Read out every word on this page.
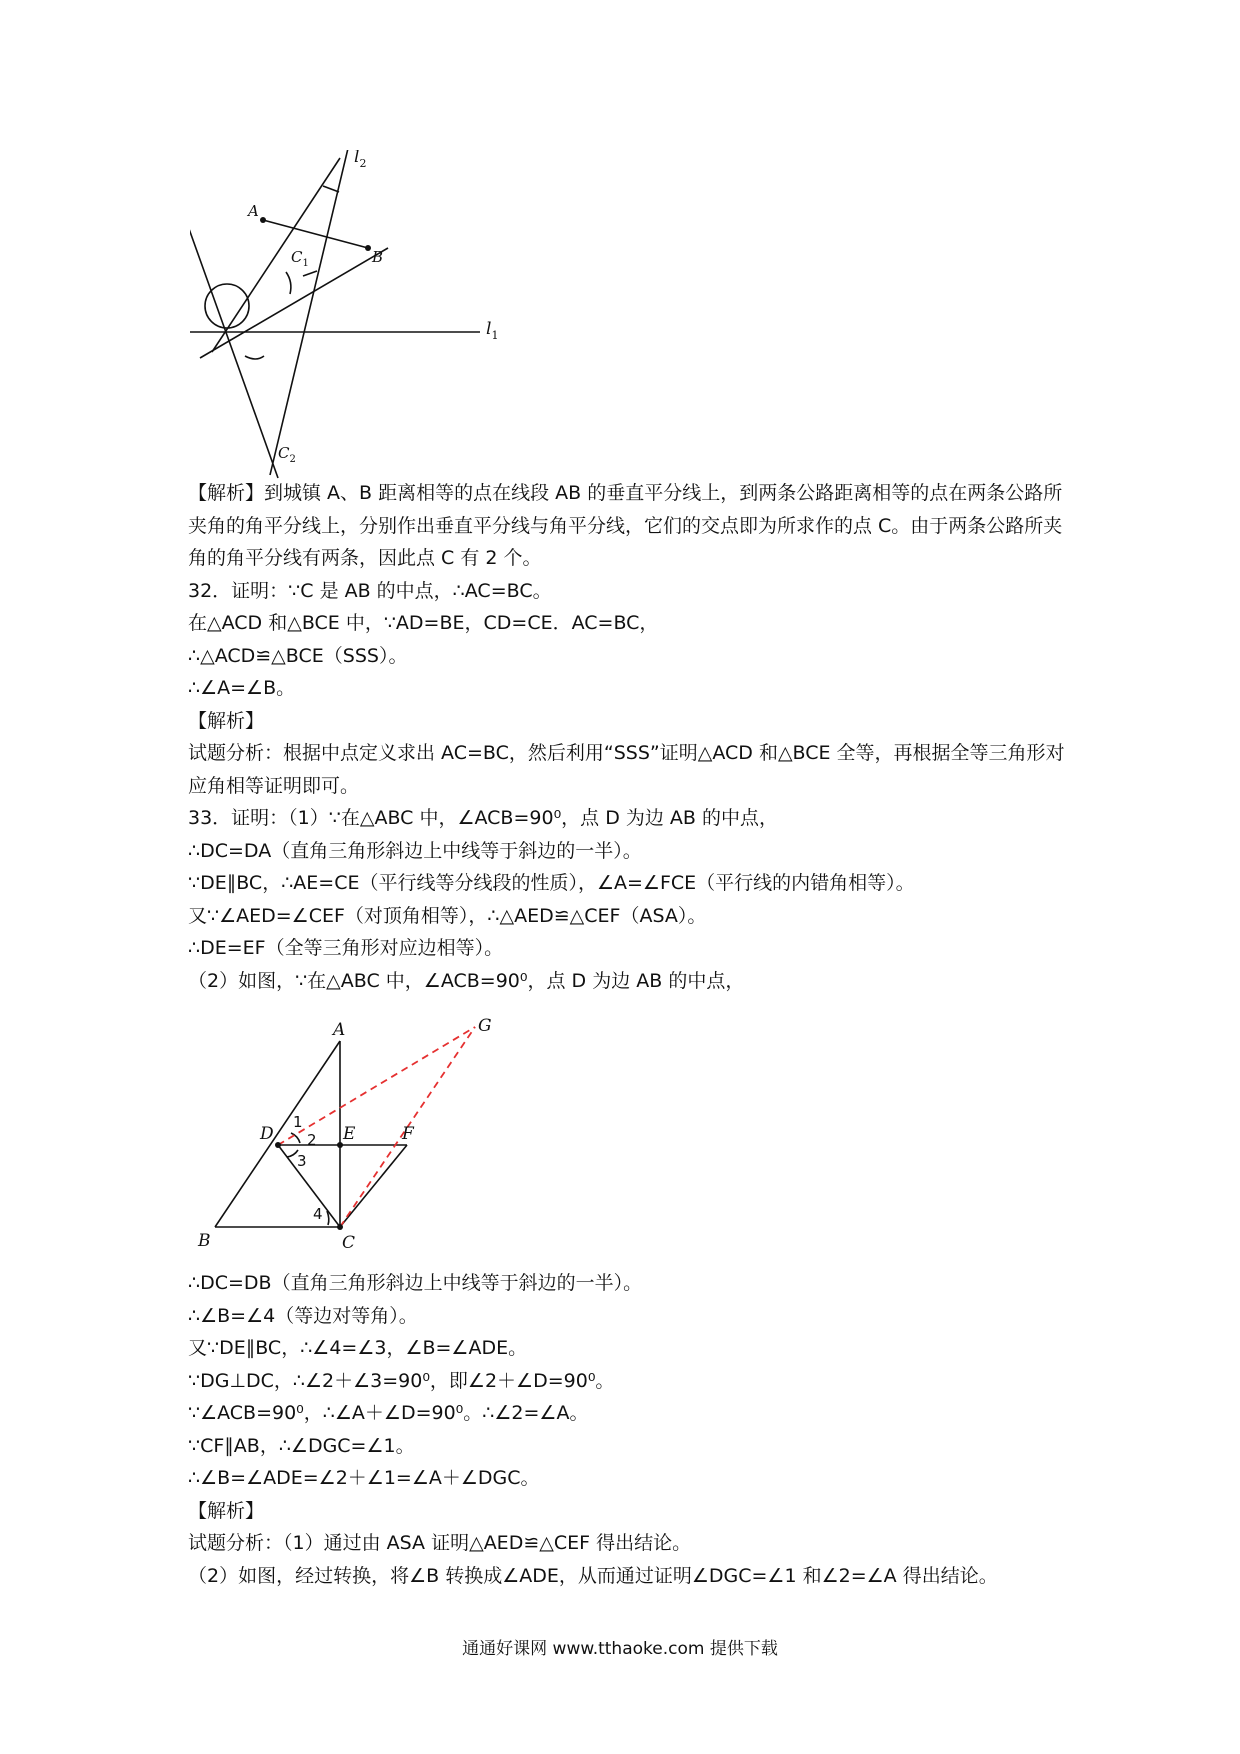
$l_2$
A
B
$C_1$
$l_1$
$C_2$

【解析】到城镇 A、B 距离相等的点在线段 AB 的垂直平分线上，到两条公路距离相等的点在两条公路所夹角的角平分线上，分别作出垂直平分线与角平分线，它们的交点即为所求作的点 C。由于两条公路所夹角的角平分线有两条，因此点 C 有 2 个。

32．证明：∵C 是 AB 的中点，∴AC=BC。

在△ACD 和△BCE 中，∵AD=BE，CD=CE．AC=BC，

∴△ACD≌△BCE（SSS）。

∴∠A=∠B。

【解析】

试题分析：根据中点定义求出 AC=BC，然后利用“SSS”证明△ACD 和△BCE 全等，再根据全等三角形对应角相等证明即可。

33．证明：（1）∵在△ABC 中，∠ACB=90⁰，点 D 为边 AB 的中点，

∴DC=DA（直角三角形斜边上中线等于斜边的一半）。

∵DE∥BC，∴AE=CE（平行线等分线段的性质），∠A=∠FCE（平行线的内错角相等）。

又∵∠AED=∠CEF（对顶角相等），∴△AED≌△CEF（ASA）。

∴DE=EF（全等三角形对应边相等）。

（2）如图，∵在△ABC 中，∠ACB=90⁰，点 D 为边 AB 的中点，

A	G
D	E	F
B	C
1
2
3
4

∴DC=DB（直角三角形斜边上中线等于斜边的一半）。

∴∠B=∠4（等边对等角）。

又∵DE∥BC，∴∠4=∠3，∠B=∠ADE。

∵DG⊥DC，∴∠2＋∠3=90⁰，即∠2＋∠D=90⁰。

∵∠ACB=90⁰，∴∠A＋∠D=90⁰。∴∠2=∠A。

∵CF∥AB，∴∠DGC=∠1。

∴∠B=∠ADE=∠2＋∠1=∠A＋∠DGC。

【解析】

试题分析：（1）通过由 ASA 证明△AED≌△CEF 得出结论。

（2）如图，经过转换，将∠B 转换成∠ADE，从而通过证明∠DGC=∠1 和∠2=∠A 得出结论。

通通好课网 www.tthaoke.com 提供下载
